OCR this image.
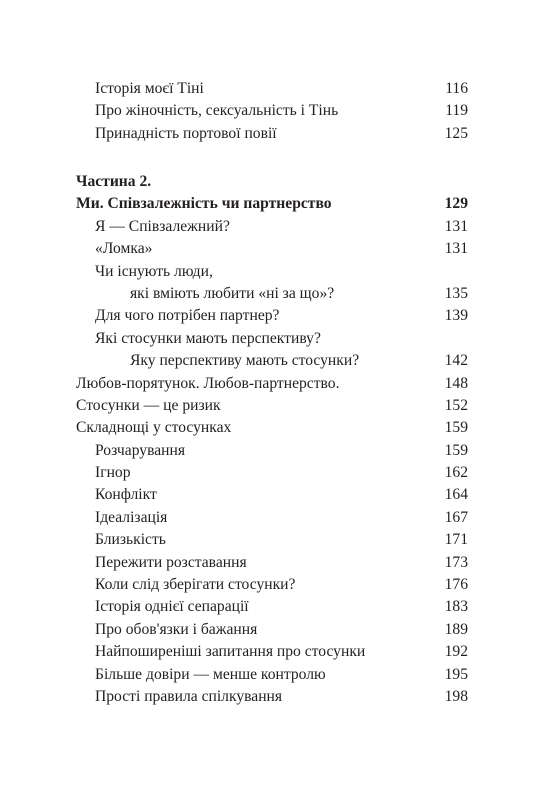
Історія моєї Тіні	116
Про жіночність, сексуальність і Тінь	119
Принадність портової повії	125
Частина 2.
Ми. Співзалежність чи партнерство	129
Я — Співзалежний?	131
«Ломка»	131
Чи існують люди,
які вміють любити «ні за що»?	135
Для чого потрібен партнер?	139
Які стосунки мають перспективу?
Яку перспективу мають стосунки?	142
Любов-порятунок. Любов-партнерство.	148
Стосунки — це ризик	152
Складнощі у стосунках	159
Розчарування	159
Ігнор	162
Конфлікт	164
Ідеалізація	167
Близькість	171
Пережити розставання	173
Коли слід зберігати стосунки?	176
Історія однієї сепарації	183
Про обов'язки і бажання	189
Найпоширеніші запитання про стосунки	192
Більше довіри — менше контролю	195
Прості правила спілкування	198
